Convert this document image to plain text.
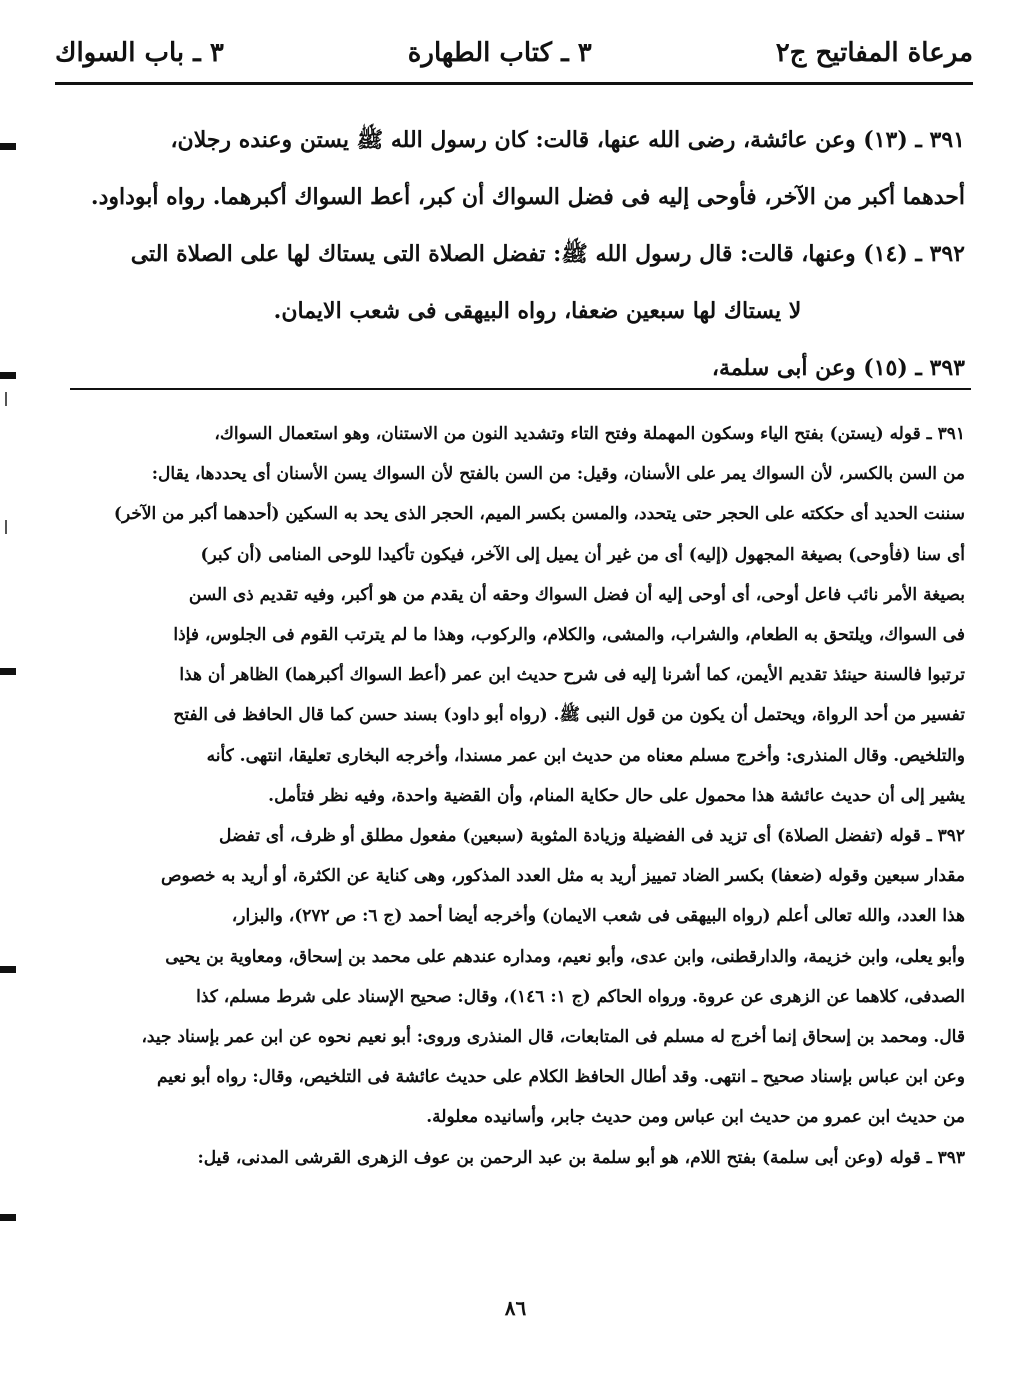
مرعاة المفاتيح ج٢
٣ ـ كتاب الطهارة
٣ ـ باب السواك

٣٩١ ـ (١٣) وعن عائشة، رضى الله عنها، قالت: كان رسول الله ﷺ يستن وعنده رجلان،

أحدهما أكبر من الآخر، فأوحى إليه فى فضل السواك أن كبر، أعط السواك أكبرهما. رواه أبوداود.

٣٩٢ ـ (١٤) وعنها، قالت: قال رسول الله ﷺ: تفضل الصلاة التى يستاك لها على الصلاة التى

لا يستاك لها سبعين ضعفا، رواه البيهقى فى شعب الايمان.

٣٩٣ ـ (١٥) وعن أبى سلمة،

٣٩١ ـ قوله (يستن) بفتح الياء وسكون المهملة وفتح التاء وتشديد النون من الاستنان، وهو استعمال السواك،

من السن بالكسر، لأن السواك يمر على الأسنان، وقيل: من السن بالفتح لأن السواك يسن الأسنان أى يحددها، يقال:

سننت الحديد أى حككته على الحجر حتى يتحدد، والمسن بكسر الميم، الحجر الذى يحد به السكين (أحدهما أكبر من الآخر)

أى سنا (فأوحى) بصيغة المجهول (إليه) أى من غير أن يميل إلى الآخر، فيكون تأكيدا للوحى المنامى (أن كبر)

بصيغة الأمر نائب فاعل أوحى، أى أوحى إليه أن فضل السواك وحقه أن يقدم من هو أكبر، وفيه تقديم ذى السن

فى السواك، ويلتحق به الطعام، والشراب، والمشى، والكلام، والركوب، وهذا ما لم يترتب القوم فى الجلوس، فإذا

ترتبوا فالسنة حينئذ تقديم الأيمن، كما أشرنا إليه فى شرح حديث ابن عمر (أعط السواك أكبرهما) الظاهر أن هذا

تفسير من أحد الرواة، ويحتمل أن يكون من قول النبى ﷺ. (رواه أبو داود) بسند حسن كما قال الحافظ فى الفتح

والتلخيص. وقال المنذرى: وأخرج مسلم معناه من حديث ابن عمر مسندا، وأخرجه البخارى تعليقا، انتهى. كأنه

يشير إلى أن حديث عائشة هذا محمول على حال حكاية المنام، وأن القضية واحدة، وفيه نظر فتأمل.

٣٩٢ ـ قوله (تفضل الصلاة) أى تزيد فى الفضيلة وزيادة المثوبة (سبعين) مفعول مطلق أو ظرف، أى تفضل

مقدار سبعين وقوله (ضعفا) بكسر الضاد تمييز أريد به مثل العدد المذكور، وهى كناية عن الكثرة، أو أريد به خصوص

هذا العدد، والله تعالى أعلم (رواه البيهقى فى شعب الايمان) وأخرجه أيضا أحمد (ج ٦: ص ٢٧٢)، والبزار،

وأبو يعلى، وابن خزيمة، والدارقطنى، وابن عدى، وأبو نعيم، ومداره عندهم على محمد بن إسحاق، ومعاوية بن يحيى

الصدفى، كلاهما عن الزهرى عن عروة. ورواه الحاكم (ج ١: ١٤٦)، وقال: صحيح الإسناد على شرط مسلم، كذا

قال. ومحمد بن إسحاق إنما أخرج له مسلم فى المتابعات، قال المنذرى وروى: أبو نعيم نحوه عن ابن عمر بإسناد جيد،

وعن ابن عباس بإسناد صحيح ـ انتهى. وقد أطال الحافظ الكلام على حديث عائشة فى التلخيص، وقال: رواه أبو نعيم

من حديث ابن عمرو من حديث ابن عباس ومن حديث جابر، وأسانيده معلولة.

٣٩٣ ـ قوله (وعن أبى سلمة) بفتح اللام، هو أبو سلمة بن عبد الرحمن بن عوف الزهرى القرشى المدنى، قيل:

٨٦
